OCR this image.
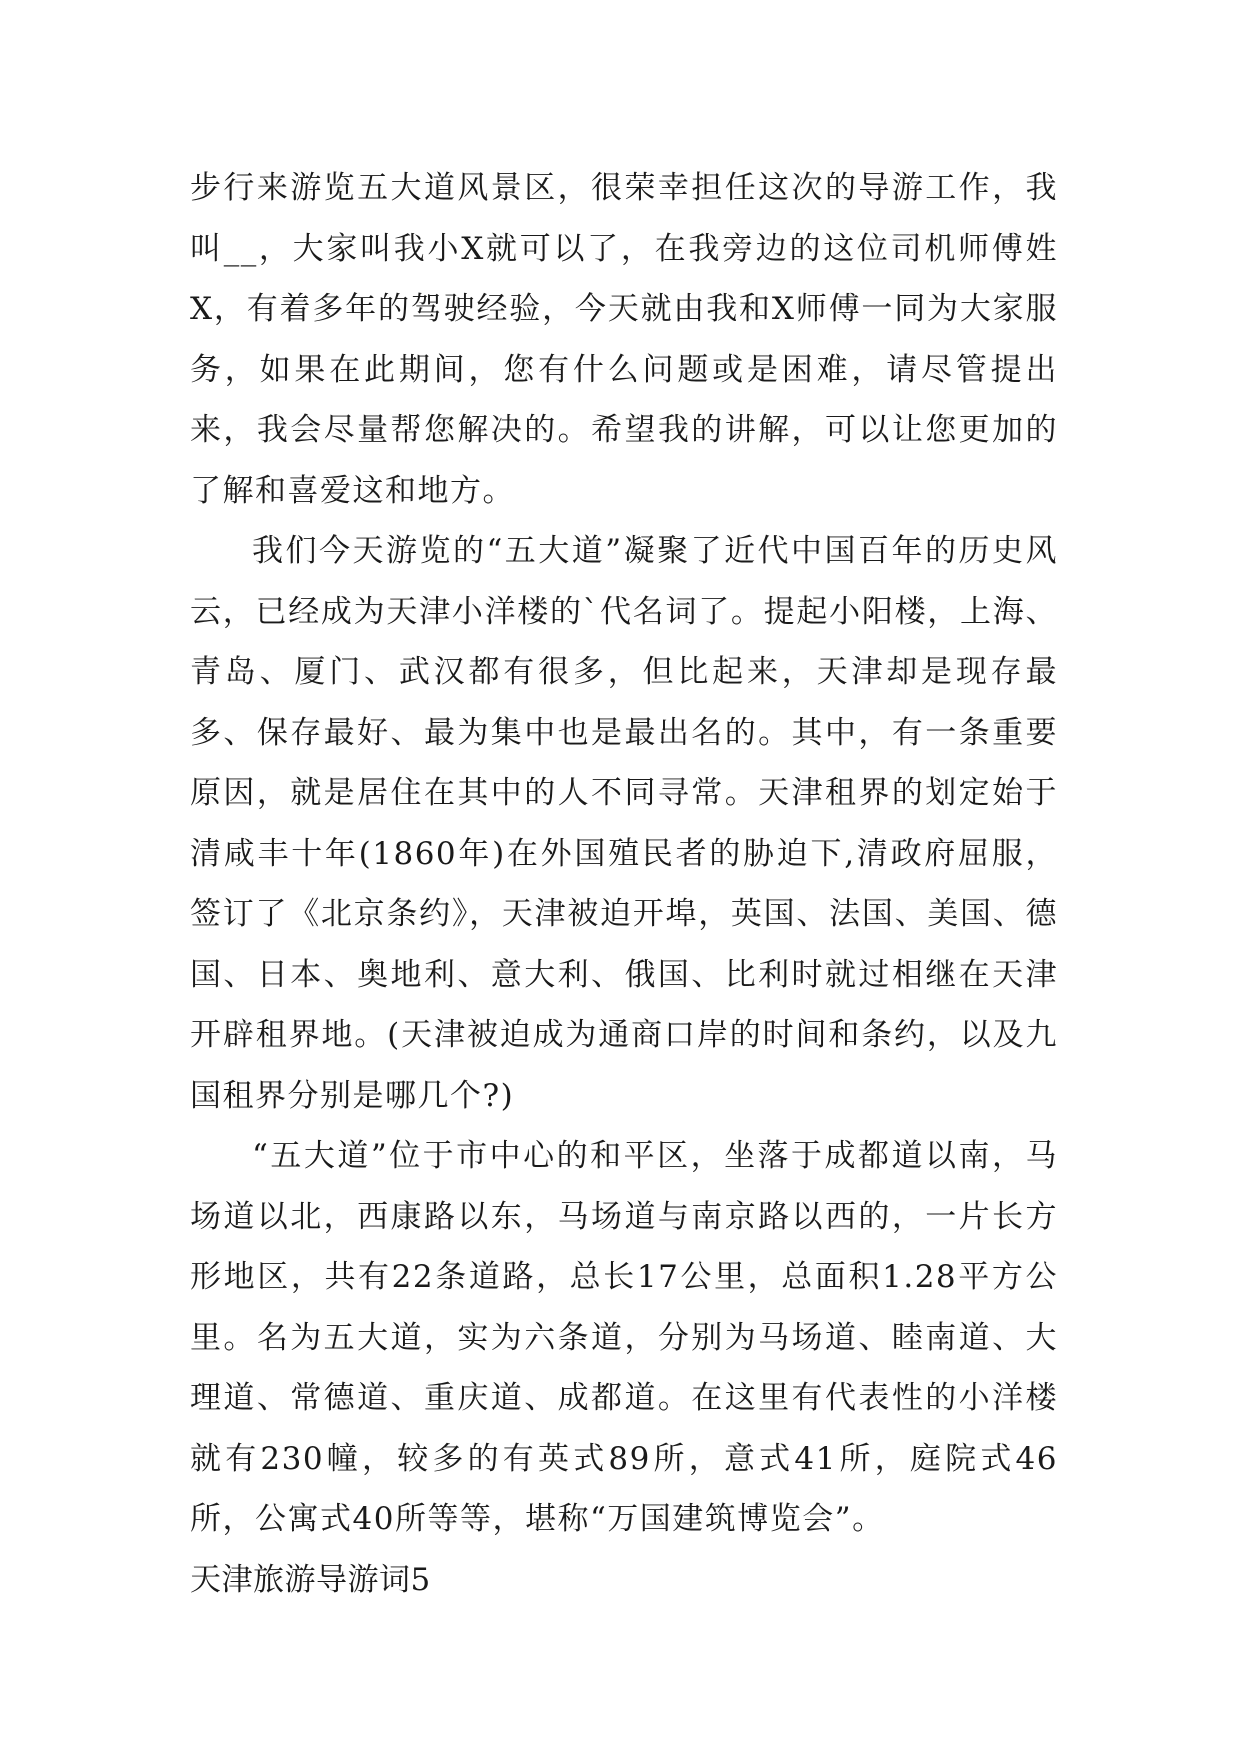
步行来游览五大道风景区，很荣幸担任这次的导游工作，我叫__，大家叫我小X就可以了，在我旁边的这位司机师傅姓X，有着多年的驾驶经验，今天就由我和X师傅一同为大家服务，如果在此期间，您有什么问题或是困难，请尽管提出来，我会尽量帮您解决的。希望我的讲解，可以让您更加的了解和喜爱这和地方。

我们今天游览的“五大道”凝聚了近代中国百年的历史风云，已经成为天津小洋楼的`代名词了。提起小阳楼，上海、青岛、厦门、武汉都有很多，但比起来，天津却是现存最多、保存最好、最为集中也是最出名的。其中，有一条重要原因，就是居住在其中的人不同寻常。天津租界的划定始于清咸丰十年(1860年)在外国殖民者的胁迫下,清政府屈服，签订了《北京条约》，天津被迫开埠，英国、法国、美国、德国、日本、奥地利、意大利、俄国、比利时就过相继在天津开辟租界地。(天津被迫成为通商口岸的时间和条约，以及九国租界分别是哪几个?)

“五大道”位于市中心的和平区，坐落于成都道以南，马场道以北，西康路以东，马场道与南京路以西的，一片长方形地区，共有22条道路，总长17公里，总面积1.28平方公里。名为五大道，实为六条道，分别为马场道、睦南道、大理道、常德道、重庆道、成都道。在这里有代表性的小洋楼就有230幢，较多的有英式89所，意式41所，庭院式46所，公寓式40所等等，堪称“万国建筑博览会”。

天津旅游导游词5
